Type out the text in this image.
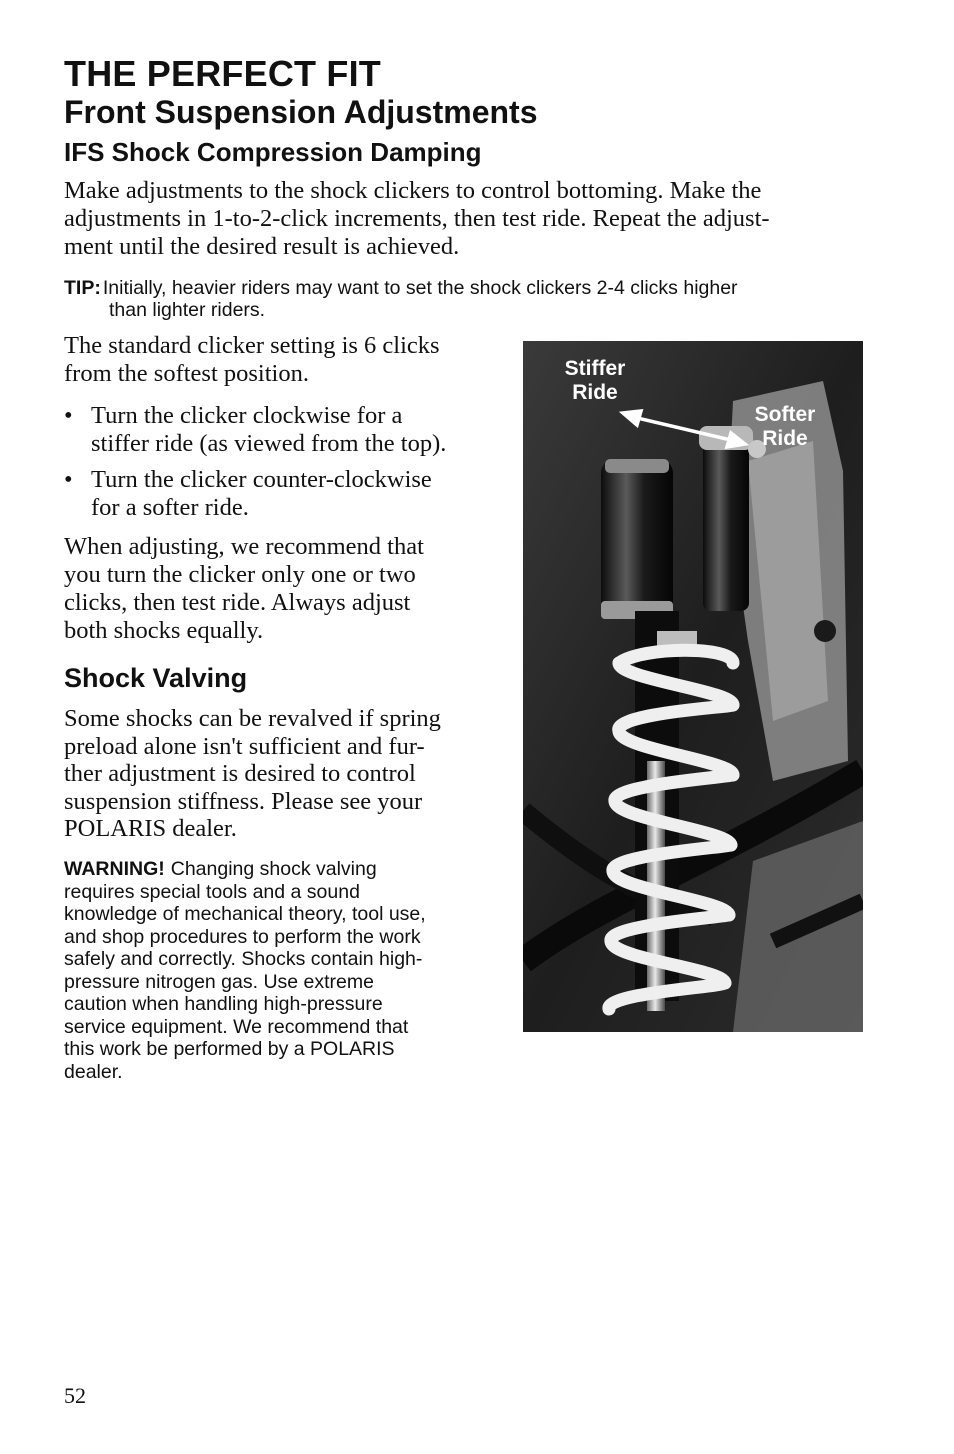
THE PERFECT FIT
Front Suspension Adjustments
IFS Shock Compression Damping
Make adjustments to the shock clickers to control bottoming. Make the
adjustments in 1-to-2-click increments, then test ride. Repeat the adjust-
ment until the desired result is achieved.
TIP: Initially, heavier riders may want to set the shock clickers 2-4 clicks higher
than lighter riders.
The standard clicker setting is 6 clicks
from the softest position.
• Turn the clicker clockwise for a
stiffer ride (as viewed from the top).
• Turn the clicker counter-clockwise
for a softer ride.
When adjusting, we recommend that
you turn the clicker only one or two
clicks, then test ride. Always adjust
both shocks equally.
Shock Valving
Some shocks can be revalved if spring
preload alone isn't sufficient and fur-
ther adjustment is desired to control
suspension stiffness. Please see your
POLARIS dealer.
WARNING! Changing shock valving
requires special tools and a sound
knowledge of mechanical theory, tool use,
and shop procedures to perform the work
safely and correctly. Shocks contain high-
pressure nitrogen gas. Use extreme
caution when handling high-pressure
service equipment. We recommend that
this work be performed by a POLARIS
dealer.
Stiffer
Ride
Softer
Ride
52
